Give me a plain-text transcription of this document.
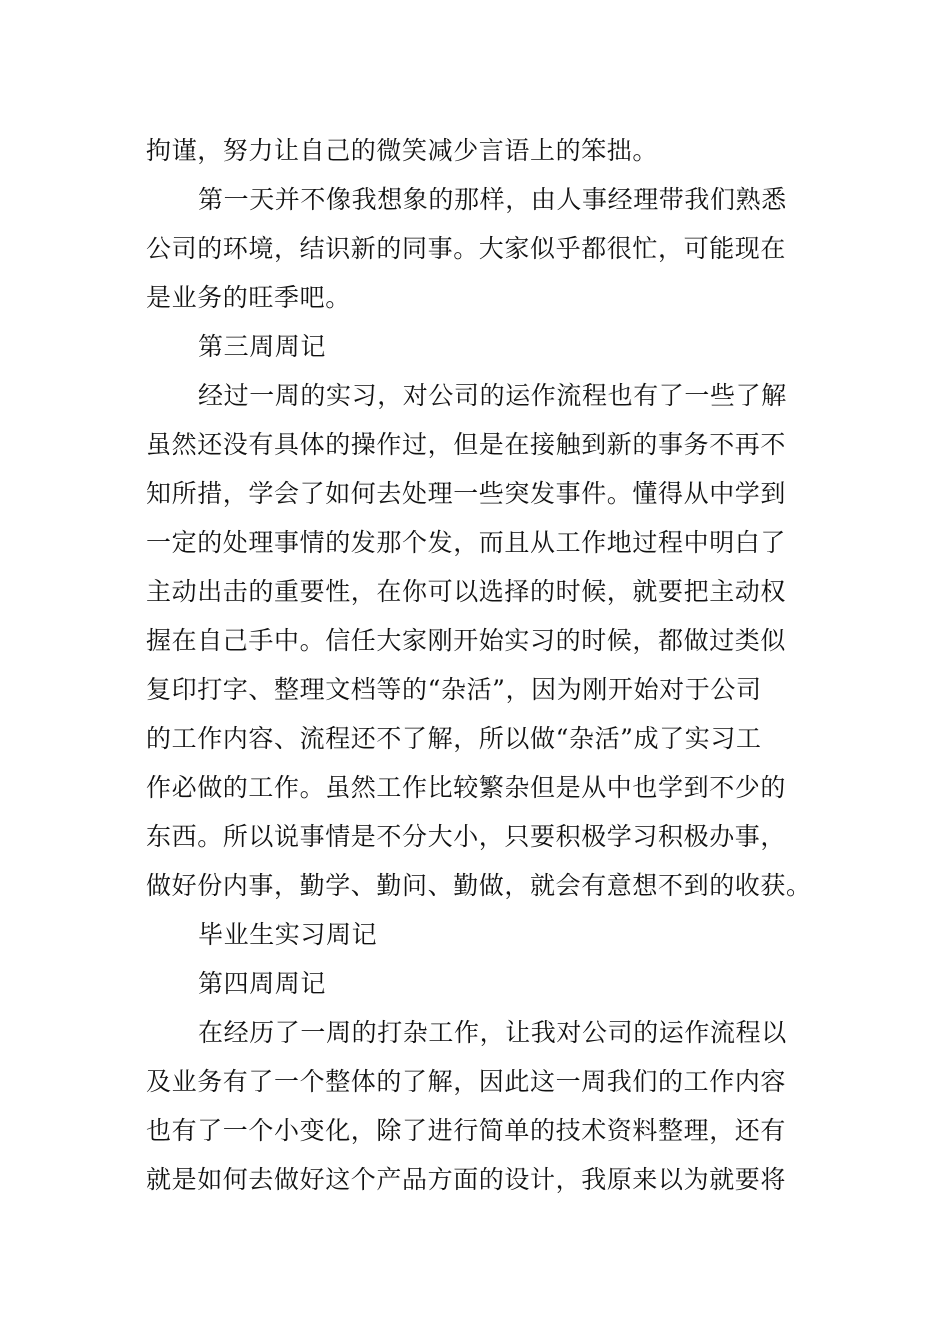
拘谨，努力让自己的微笑减少言语上的笨拙。
第一天并不像我想象的那样，由人事经理带我们熟悉
公司的环境，结识新的同事。大家似乎都很忙，可能现在
是业务的旺季吧。
第三周周记
经过一周的实习，对公司的运作流程也有了一些了解
虽然还没有具体的操作过，但是在接触到新的事务不再不
知所措，学会了如何去处理一些突发事件。懂得从中学到
一定的处理事情的发那个发，而且从工作地过程中明白了
主动出击的重要性，在你可以选择的时候，就要把主动权
握在自己手中。信任大家刚开始实习的时候，都做过类似
复印打字、整理文档等的“杂活”，因为刚开始对于公司
的工作内容、流程还不了解，所以做“杂活”成了实习工
作必做的工作。虽然工作比较繁杂但是从中也学到不少的
东西。所以说事情是不分大小，只要积极学习积极办事，
做好份内事，勤学、勤问、勤做，就会有意想不到的收获。
毕业生实习周记
第四周周记
在经历了一周的打杂工作，让我对公司的运作流程以
及业务有了一个整体的了解，因此这一周我们的工作内容
也有了一个小变化，除了进行简单的技术资料整理，还有
就是如何去做好这个产品方面的设计，我原来以为就要将
